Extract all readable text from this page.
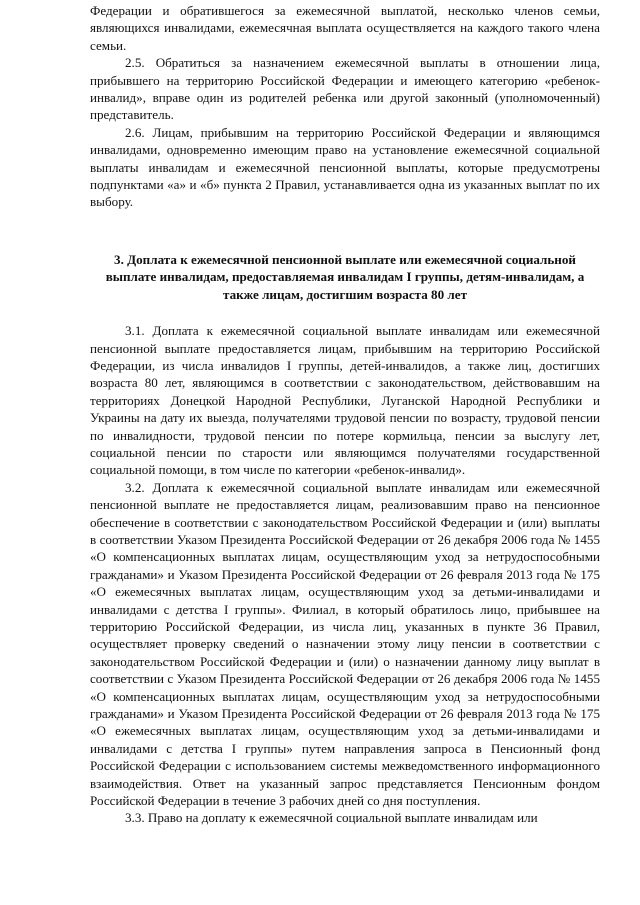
Федерации и обратившегося за ежемесячной выплатой, несколько членов семьи, являющихся инвалидами, ежемесячная выплата осуществляется на каждого такого члена семьи.

2.5. Обратиться за назначением ежемесячной выплаты в отношении лица, прибывшего на территорию Российской Федерации и имеющего категорию «ребенок-инвалид», вправе один из родителей ребенка или другой законный (уполномоченный) представитель.

2.6. Лицам, прибывшим на территорию Российской Федерации и являющимся инвалидами, одновременно имеющим право на установление ежемесячной социальной выплаты инвалидам и ежемесячной пенсионной выплаты, которые предусмотрены подпунктами «а» и «б» пункта 2 Правил, устанавливается одна из указанных выплат по их выбору.

3. Доплата к ежемесячной пенсионной выплате или ежемесячной социальной выплате инвалидам, предоставляемая инвалидам I группы, детям-инвалидам, а также лицам, достигшим возраста 80 лет

3.1. Доплата к ежемесячной социальной выплате инвалидам или ежемесячной пенсионной выплате предоставляется лицам, прибывшим на территорию Российской Федерации, из числа инвалидов I группы, детей-инвалидов, а также лиц, достигших возраста 80 лет, являющимся в соответствии с законодательством, действовавшим на территориях Донецкой Народной Республики, Луганской Народной Республики и Украины на дату их выезда, получателями трудовой пенсии по возрасту, трудовой пенсии по инвалидности, трудовой пенсии по потере кормильца, пенсии за выслугу лет, социальной пенсии по старости или являющимся получателями государственной социальной помощи, в том числе по категории «ребенок-инвалид».

3.2. Доплата к ежемесячной социальной выплате инвалидам или ежемесячной пенсионной выплате не предоставляется лицам, реализовавшим право на пенсионное обеспечение в соответствии с законодательством Российской Федерации и (или) выплаты в соответствии Указом Президента Российской Федерации от 26 декабря 2006 года № 1455 «О компенсационных выплатах лицам, осуществляющим уход за нетрудоспособными гражданами» и Указом Президента Российской Федерации от 26 февраля 2013 года № 175 «О ежемесячных выплатах лицам, осуществляющим уход за детьми-инвалидами и инвалидами с детства I группы». Филиал, в который обратилось лицо, прибывшее на территорию Российской Федерации, из числа лиц, указанных в пункте 36 Правил, осуществляет проверку сведений о назначении этому лицу пенсии в соответствии с законодательством Российской Федерации и (или) о назначении данному лицу выплат в соответствии с Указом Президента Российской Федерации от 26 декабря 2006 года № 1455 «О компенсационных выплатах лицам, осуществляющим уход за нетрудоспособными гражданами» и Указом Президента Российской Федерации от 26 февраля 2013 года № 175 «О ежемесячных выплатах лицам, осуществляющим уход за детьми-инвалидами и инвалидами с детства I группы» путем направления запроса в Пенсионный фонд Российской Федерации с использованием системы межведомственного информационного взаимодействия. Ответ на указанный запрос представляется Пенсионным фондом Российской Федерации в течение 3 рабочих дней со дня поступления.

3.3. Право на доплату к ежемесячной социальной выплате инвалидам или
